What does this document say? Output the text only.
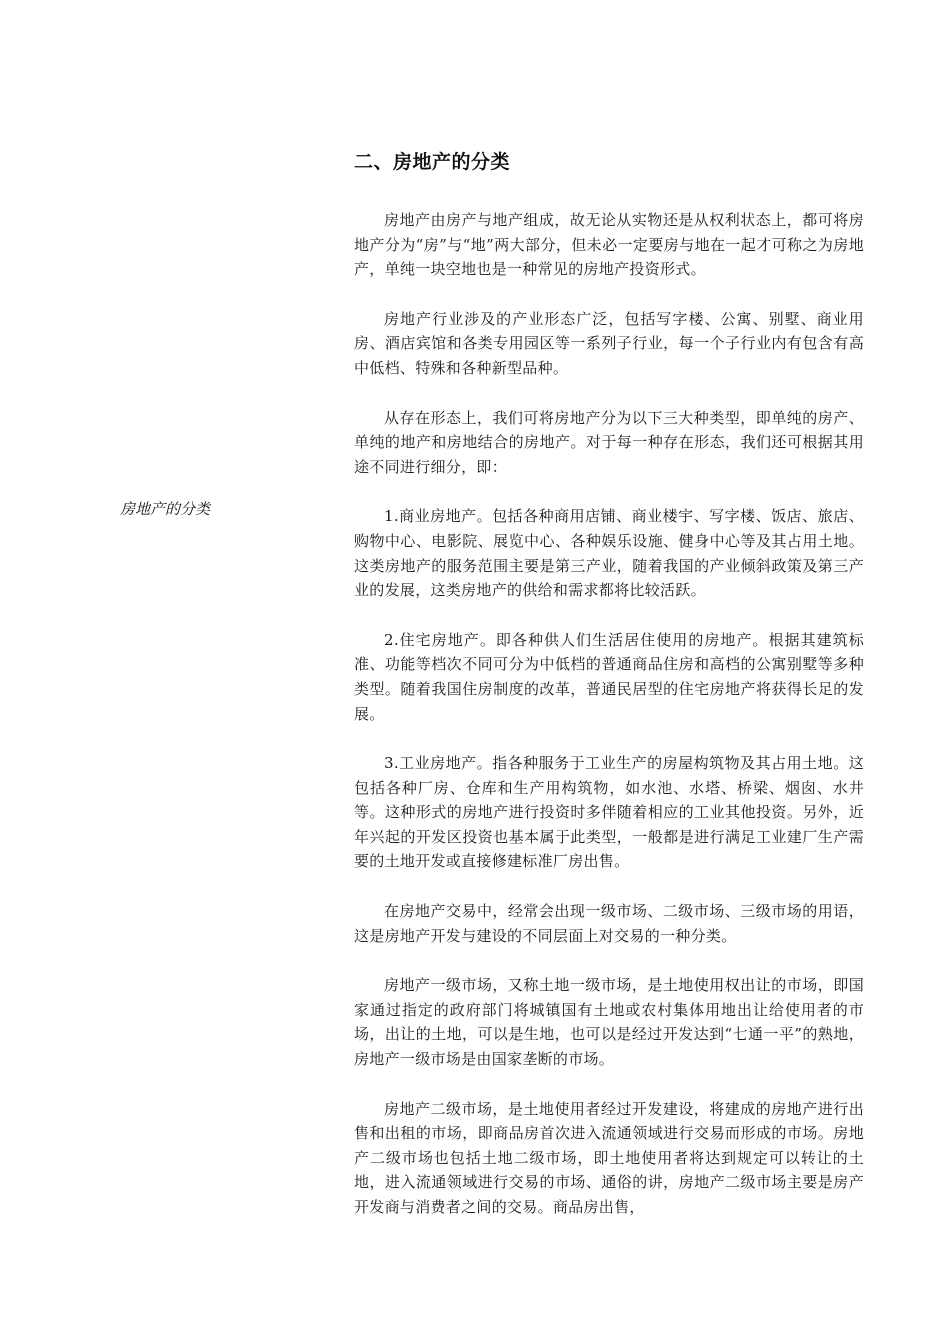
二、房地产的分类
房地产的分类

房地产由房产与地产组成，故无论从实物还是从权利状态上，都可将房地产分为“房”与“地”两大部分，但未必一定要房与地在一起才可称之为房地产，单纯一块空地也是一种常见的房地产投资形式。

房地产行业涉及的产业形态广泛，包括写字楼、公寓、别墅、商业用房、酒店宾馆和各类专用园区等一系列子行业，每一个子行业内有包含有高中低档、特殊和各种新型品种。

从存在形态上，我们可将房地产分为以下三大种类型，即单纯的房产、单纯的地产和房地结合的房地产。对于每一种存在形态，我们还可根据其用途不同进行细分，即：

1.商业房地产。包括各种商用店铺、商业楼宇、写字楼、饭店、旅店、购物中心、电影院、展览中心、各种娱乐设施、健身中心等及其占用土地。这类房地产的服务范围主要是第三产业，随着我国的产业倾斜政策及第三产业的发展，这类房地产的供给和需求都将比较活跃。

2.住宅房地产。即各种供人们生活居住使用的房地产。根据其建筑标准、功能等档次不同可分为中低档的普通商品住房和高档的公寓别墅等多种类型。随着我国住房制度的改革，普通民居型的住宅房地产将获得长足的发展。

3.工业房地产。指各种服务于工业生产的房屋构筑物及其占用土地。这包括各种厂房、仓库和生产用构筑物，如水池、水塔、桥梁、烟囱、水井等。这种形式的房地产进行投资时多伴随着相应的工业其他投资。另外，近年兴起的开发区投资也基本属于此类型，一般都是进行满足工业建厂生产需要的土地开发或直接修建标准厂房出售。

在房地产交易中，经常会出现一级市场、二级市场、三级市场的用语，这是房地产开发与建设的不同层面上对交易的一种分类。

房地产一级市场，又称土地一级市场，是土地使用权出让的市场，即国家通过指定的政府部门将城镇国有土地或农村集体用地出让给使用者的市场，出让的土地，可以是生地，也可以是经过开发达到“七通一平”的熟地，房地产一级市场是由国家垄断的市场。

房地产二级市场，是土地使用者经过开发建设，将建成的房地产进行出售和出租的市场，即商品房首次进入流通领域进行交易而形成的市场。房地产二级市场也包括土地二级市场，即土地使用者将达到规定可以转让的土地，进入流通领域进行交易的市场、通俗的讲，房地产二级市场主要是房产开发商与消费者之间的交易。商品房出售，
